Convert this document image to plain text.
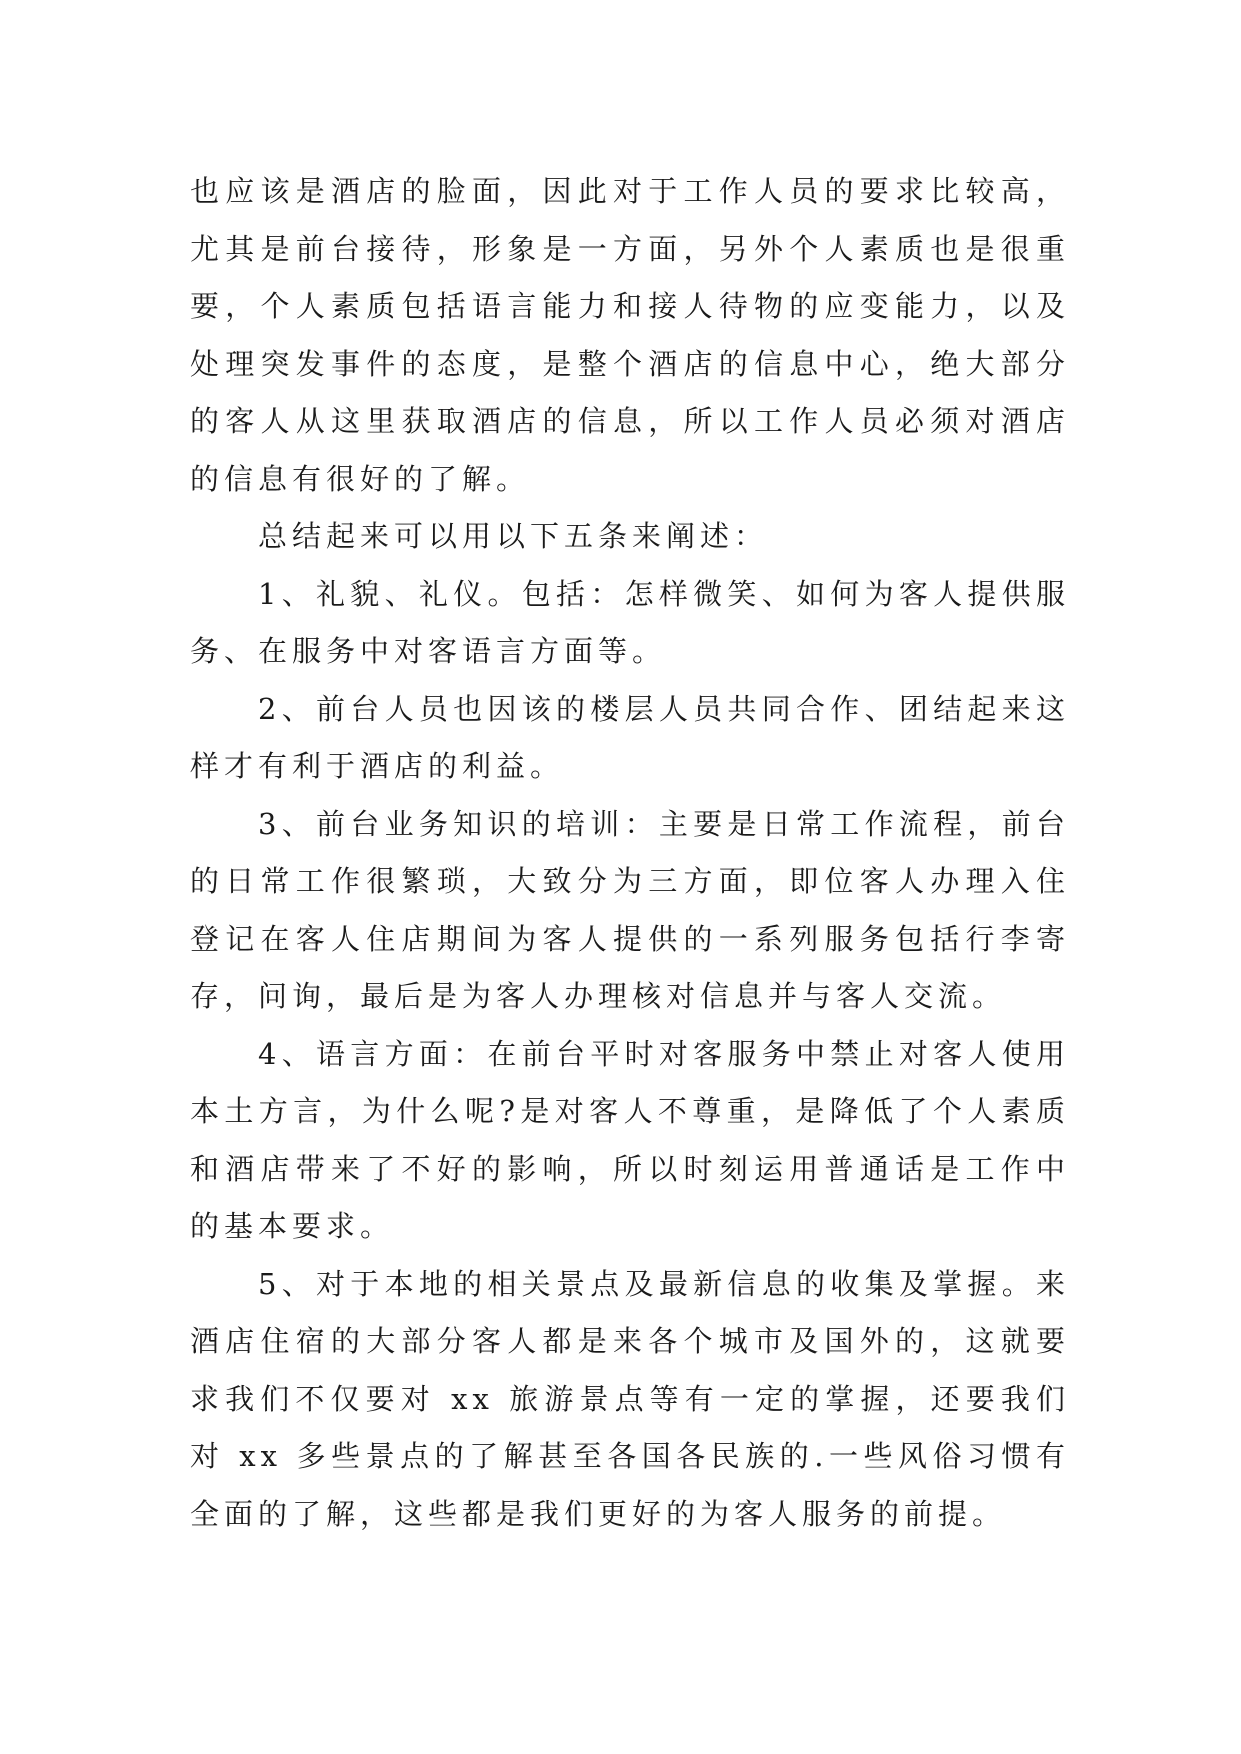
也应该是酒店的脸面，因此对于工作人员的要求比较高，尤其是前台接待，形象是一方面，另外个人素质也是很重要，个人素质包括语言能力和接人待物的应变能力，以及处理突发事件的态度，是整个酒店的信息中心，绝大部分的客人从这里获取酒店的信息，所以工作人员必须对酒店的信息有很好的了解。

总结起来可以用以下五条来阐述：

1、礼貌、礼仪。包括：怎样微笑、如何为客人提供服务、在服务中对客语言方面等。

2、前台人员也因该的楼层人员共同合作、团结起来这样才有利于酒店的利益。

3、前台业务知识的培训：主要是日常工作流程，前台的日常工作很繁琐，大致分为三方面，即位客人办理入住登记在客人住店期间为客人提供的一系列服务包括行李寄存，问询，最后是为客人办理核对信息并与客人交流。

4、语言方面：在前台平时对客服务中禁止对客人使用本土方言，为什么呢?是对客人不尊重，是降低了个人素质和酒店带来了不好的影响，所以时刻运用普通话是工作中的基本要求。

5、对于本地的相关景点及最新信息的收集及掌握。来酒店住宿的大部分客人都是来各个城市及国外的，这就要求我们不仅要对 xx 旅游景点等有一定的掌握，还要我们对 xx 多些景点的了解甚至各国各民族的.一些风俗习惯有全面的了解，这些都是我们更好的为客人服务的前提。
